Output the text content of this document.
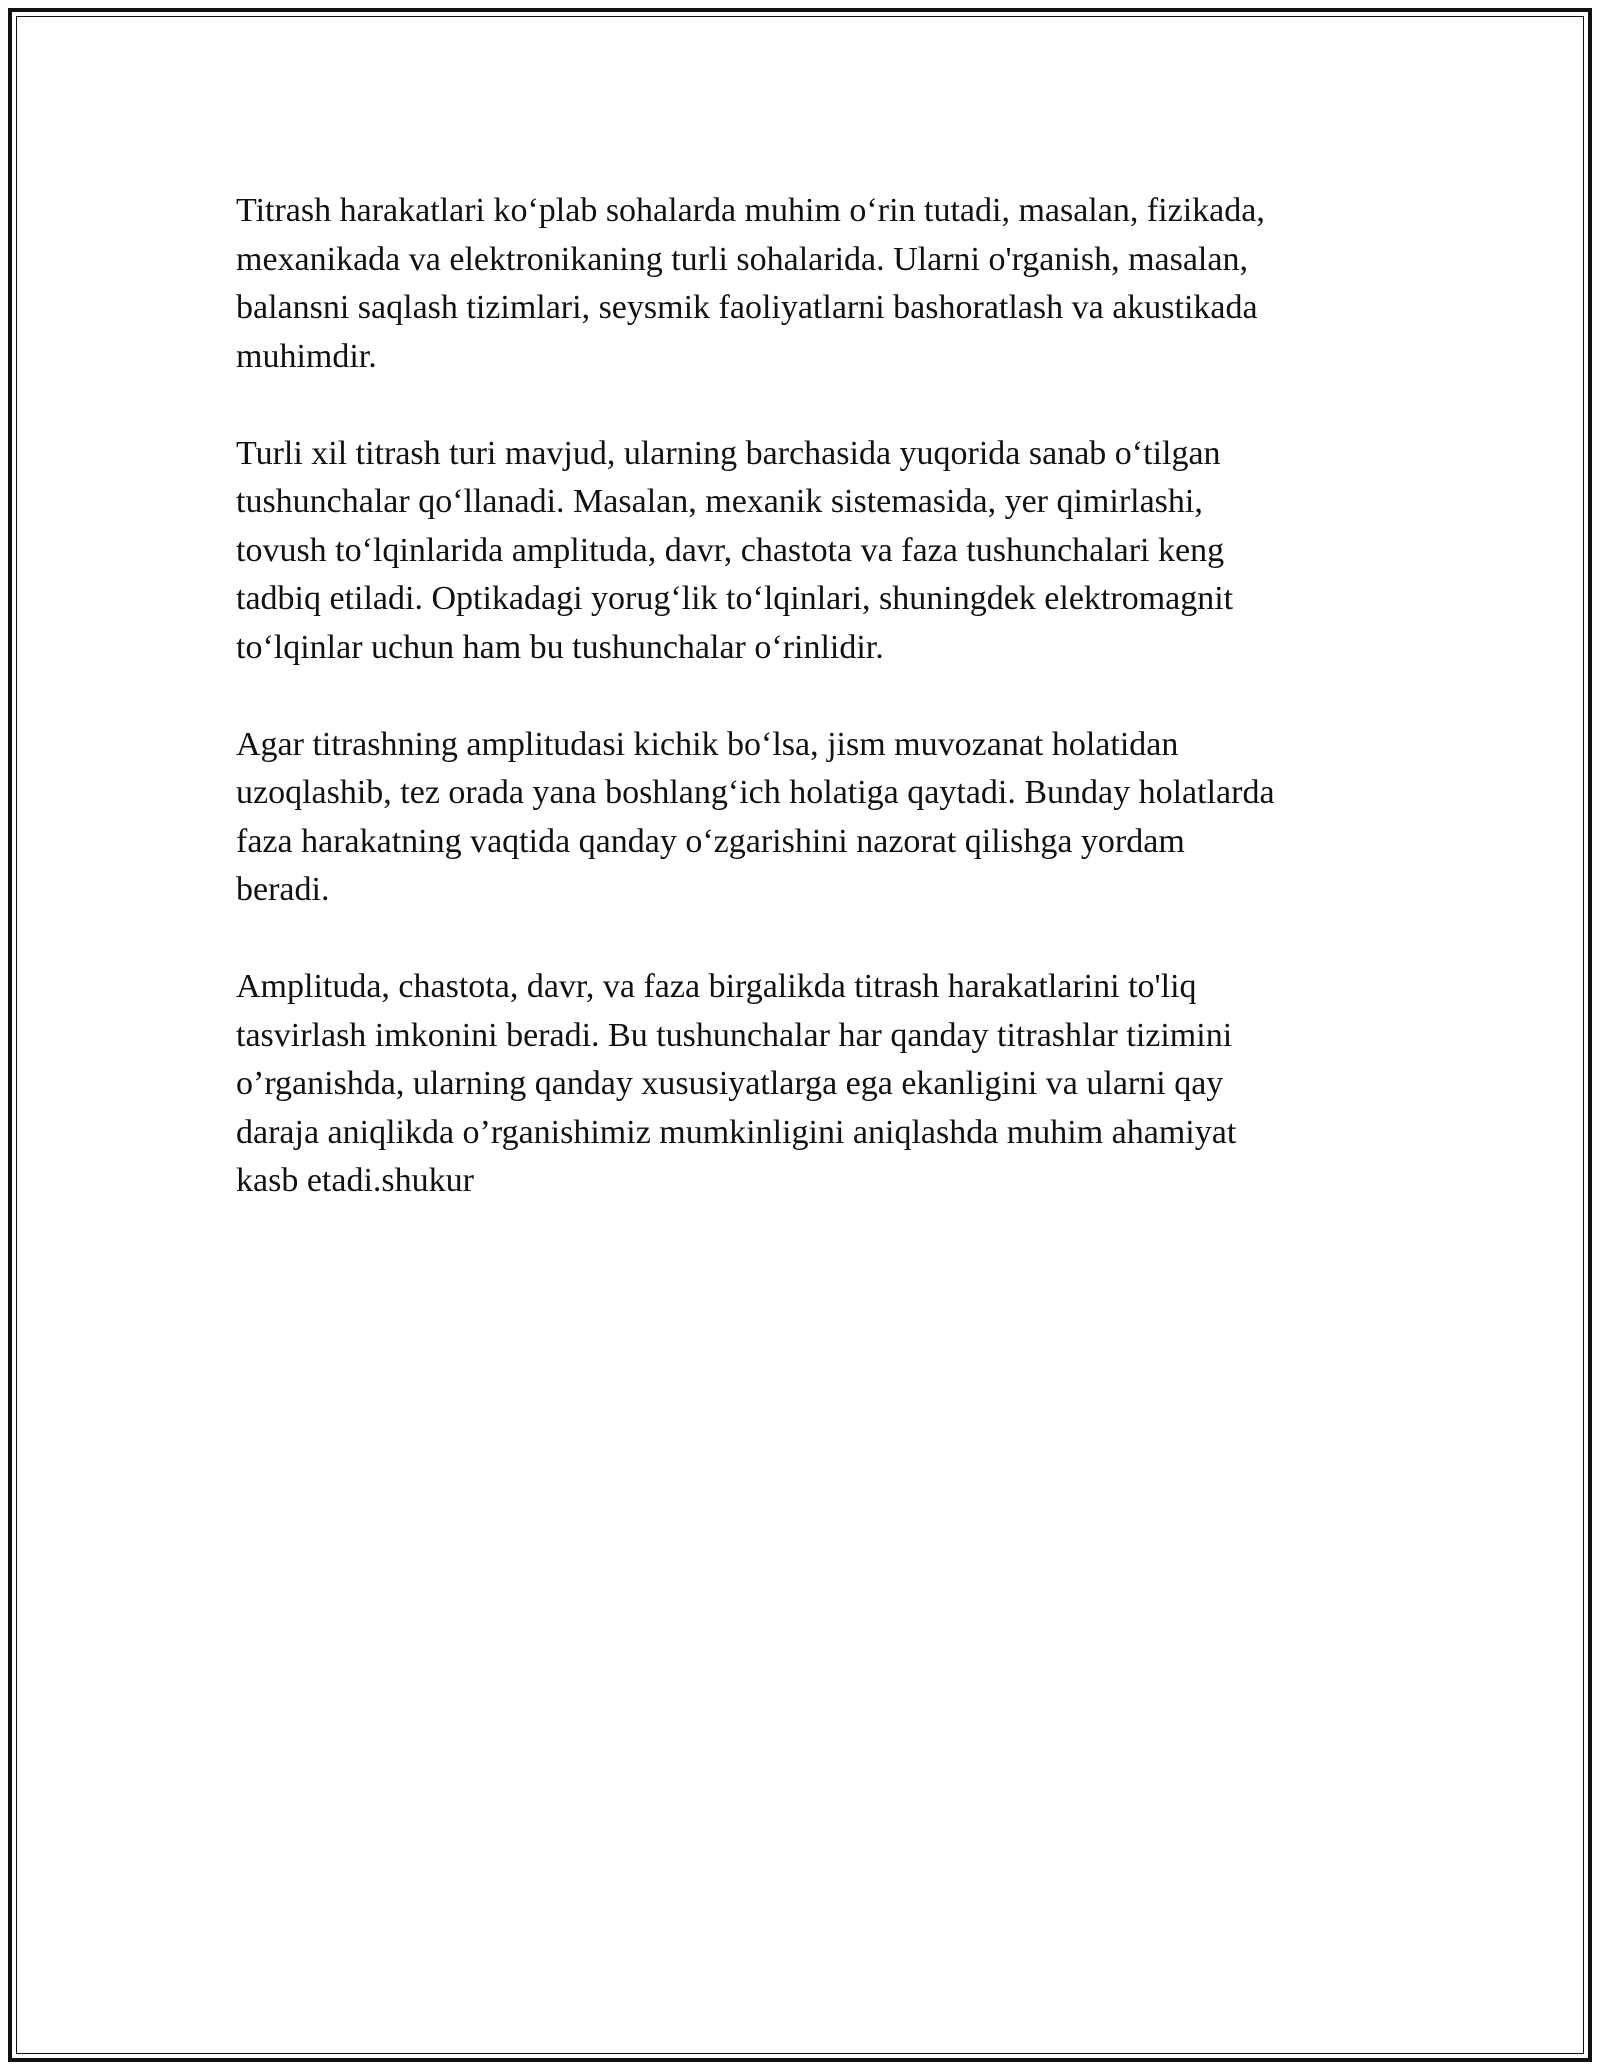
Titrash harakatlari ko‘plab sohalarda muhim o‘rin tutadi, masalan, fizikada,
mexanikada va elektronikaning turli sohalarida. Ularni o'rganish, masalan,
balansni saqlash tizimlari, seysmik faoliyatlarni bashoratlash va akustikada
muhimdir.

Turli xil titrash turi mavjud, ularning barchasida yuqorida sanab o‘tilgan
tushunchalar qo‘llanadi. Masalan, mexanik sistemasida, yer qimirlashi,
tovush to‘lqinlarida amplituda, davr, chastota va faza tushunchalari keng
tadbiq etiladi. Optikadagi yorug‘lik to‘lqinlari, shuningdek elektromagnit
to‘lqinlar uchun ham bu tushunchalar o‘rinlidir.

Agar titrashning amplitudasi kichik bo‘lsa, jism muvozanat holatidan
uzoqlashib, tez orada yana boshlang‘ich holatiga qaytadi. Bunday holatlarda
faza harakatning vaqtida qanday o‘zgarishini nazorat qilishga yordam
beradi.

Amplituda, chastota, davr, va faza birgalikda titrash harakatlarini to'liq
tasvirlash imkonini beradi. Bu tushunchalar har qanday titrashlar tizimini
o’rganishda, ularning qanday xususiyatlarga ega ekanligini va ularni qay
daraja aniqlikda o’rganishimiz mumkinligini aniqlashda muhim ahamiyat
kasb etadi.shukur
